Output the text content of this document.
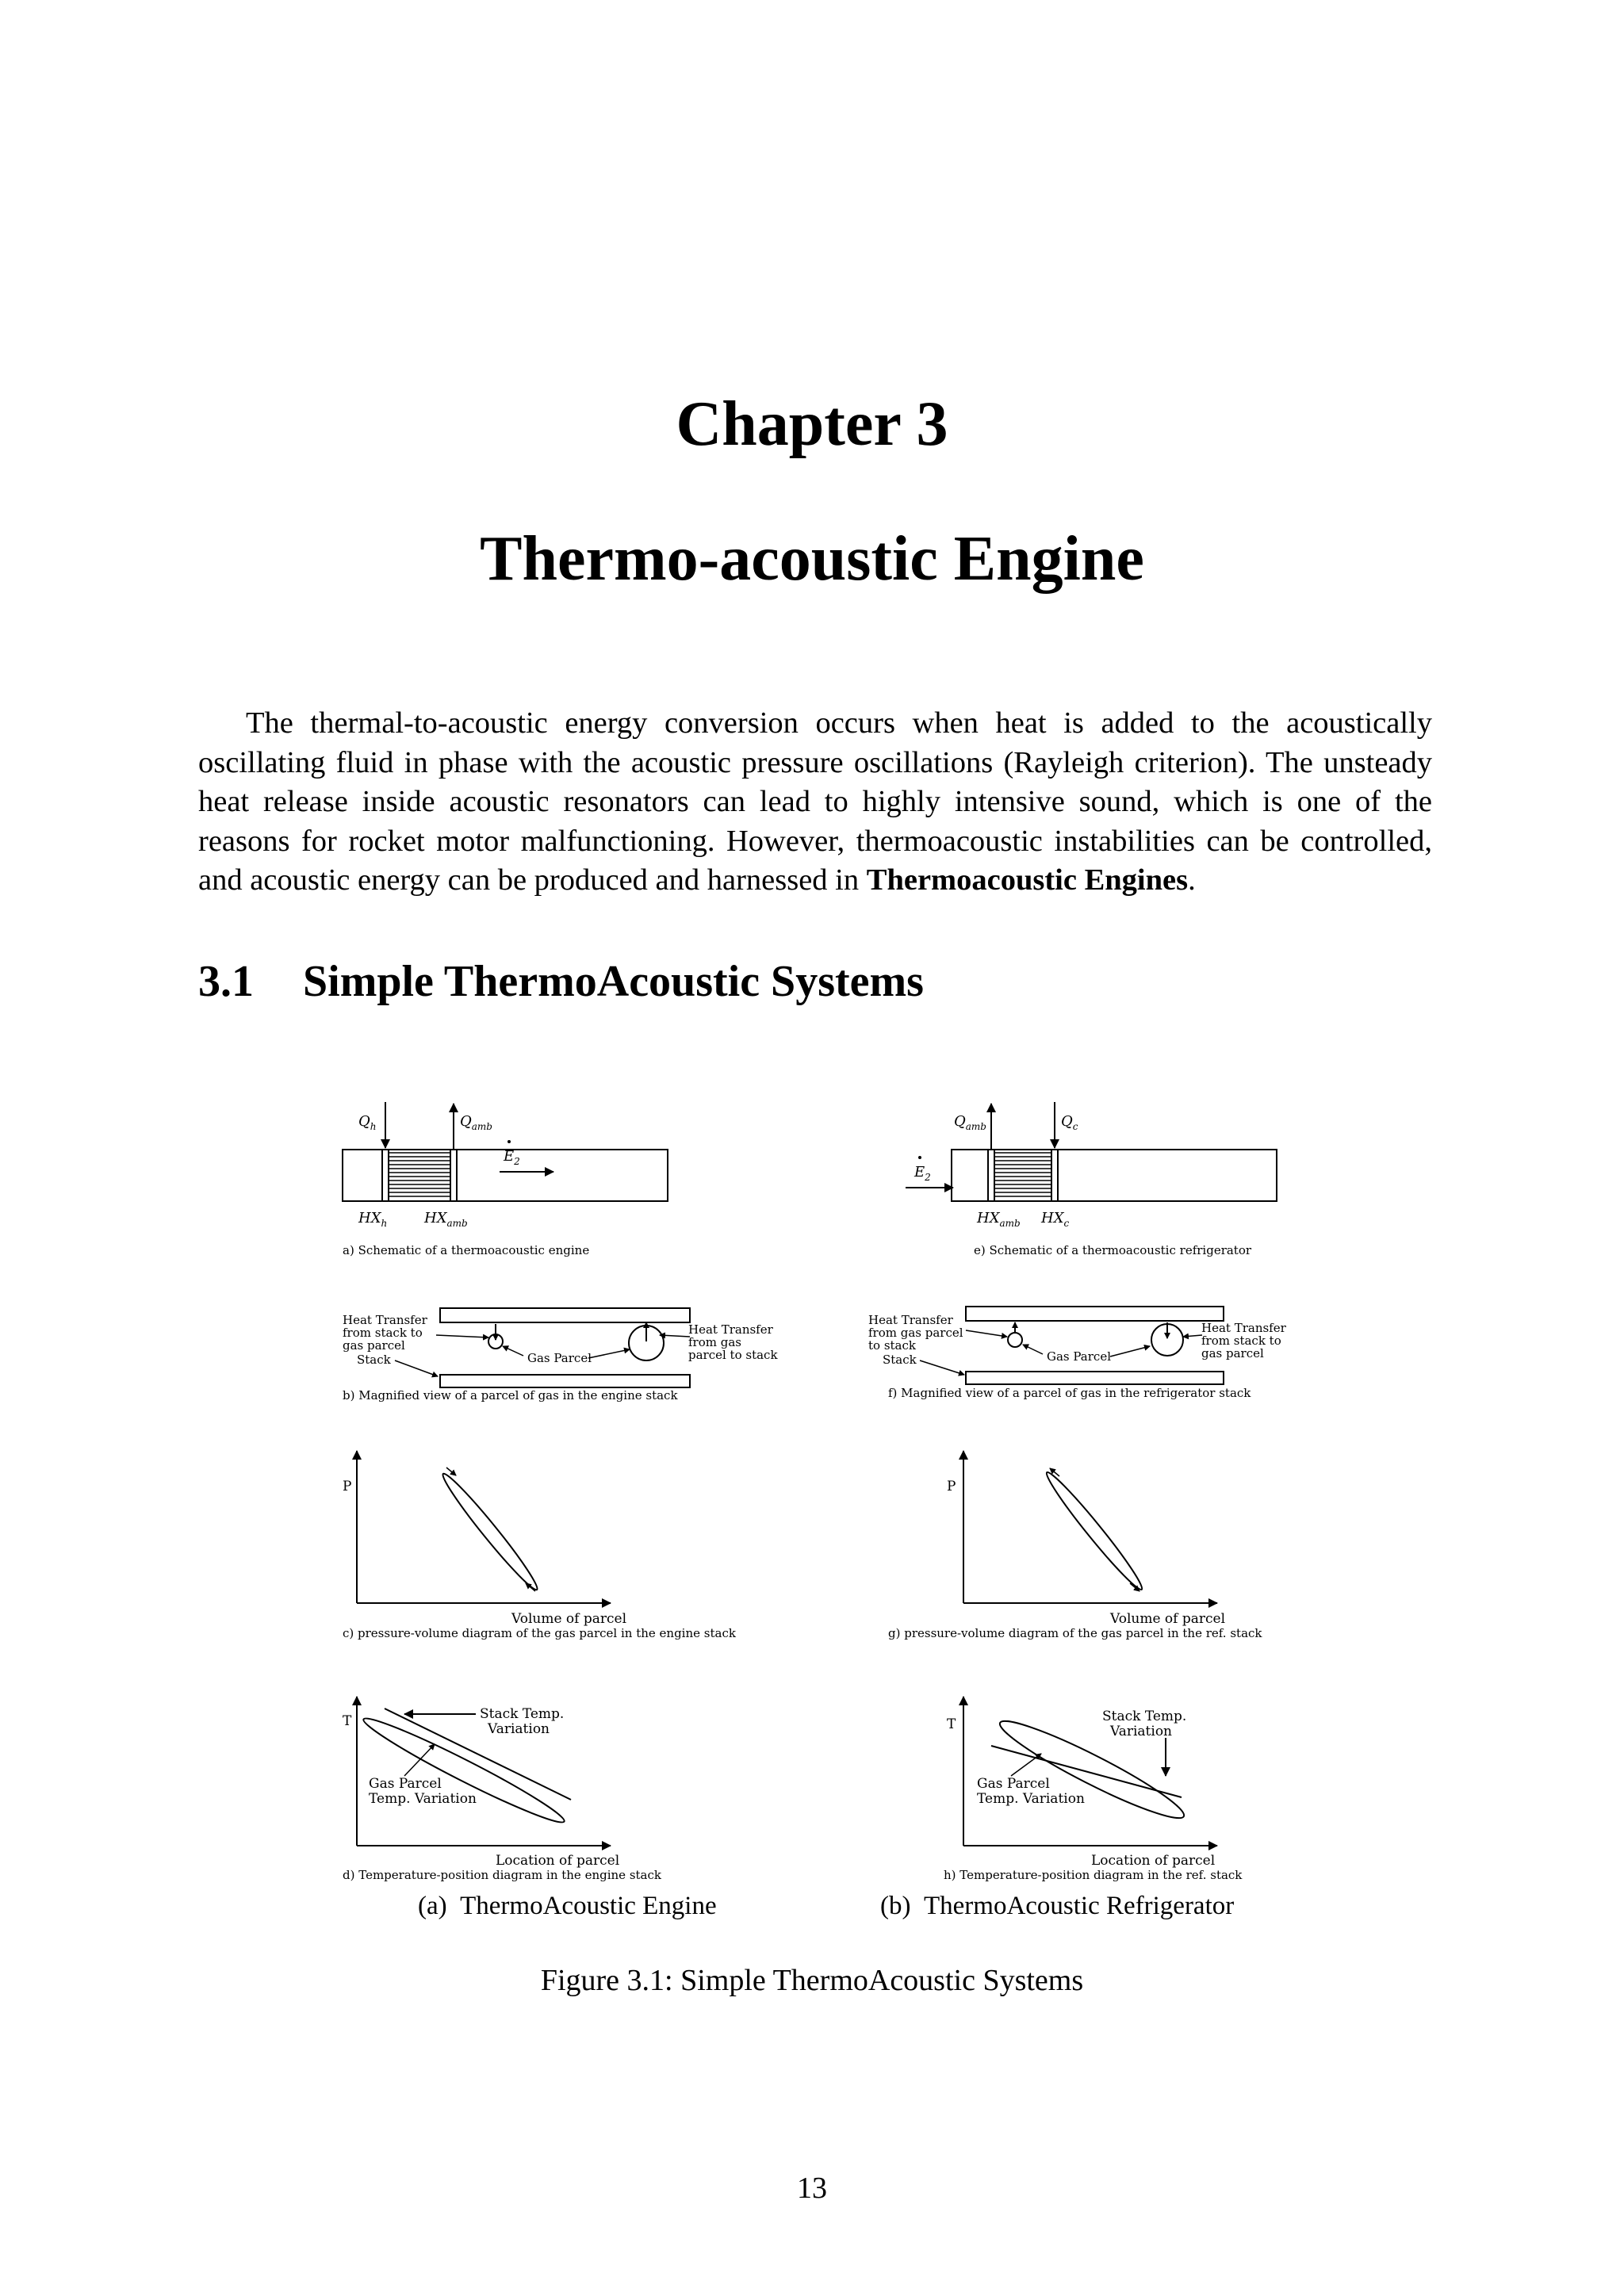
Chapter 3
Thermo-acoustic Engine

The thermal-to-acoustic energy conversion occurs when heat is added to the acoustically oscillating fluid in phase with the acoustic pressure oscillations (Rayleigh criterion). The unsteady heat release inside acoustic resonators can lead to highly intensive sound, which is one of the reasons for rocket motor malfunctioning. However, thermoacoustic instabilities can be controlled, and acoustic energy can be produced and harnessed in Thermoacoustic Engines.

3.1 Simple ThermoAcoustic Systems
$Q_h$	$Q_{amb}$
$E_2$
$HX_h$	$HX_{amb}$
a) Schematic of a thermoacoustic engine
$Q_{amb}$	$Q_c$
$E_2$
$HX_{amb}$ $HX_c$
e) Schematic of a thermoacoustic refrigerator
Heat Transfer
from stack to
gas parcel
Stack	Gas Parcel
Heat Transfer
from gas
parcel to stack
b) Magnified view of a parcel of gas in the engine stack
Heat Transfer
from gas parcel
to stack
Stack	Gas Parcel
Heat Transfer
from stack to
gas parcel
f) Magnified view of a parcel of gas in the refrigerator stack
P
Volume of parcel
c) pressure-volume diagram of the gas parcel in the engine stack
P
Volume of parcel
g) pressure-volume diagram of the gas parcel in the ref. stack
T	Stack Temp.
Variation
Gas Parcel
Temp. Variation
Location of parcel
d) Temperature-position diagram in the engine stack
T	Stack Temp.
Variation
Gas Parcel
Temp. Variation
Location of parcel
h) Temperature-position diagram in the ref. stack
(a)  ThermoAcoustic Engine	(b)  ThermoAcoustic Refrigerator
Figure 3.1: Simple ThermoAcoustic Systems
13
